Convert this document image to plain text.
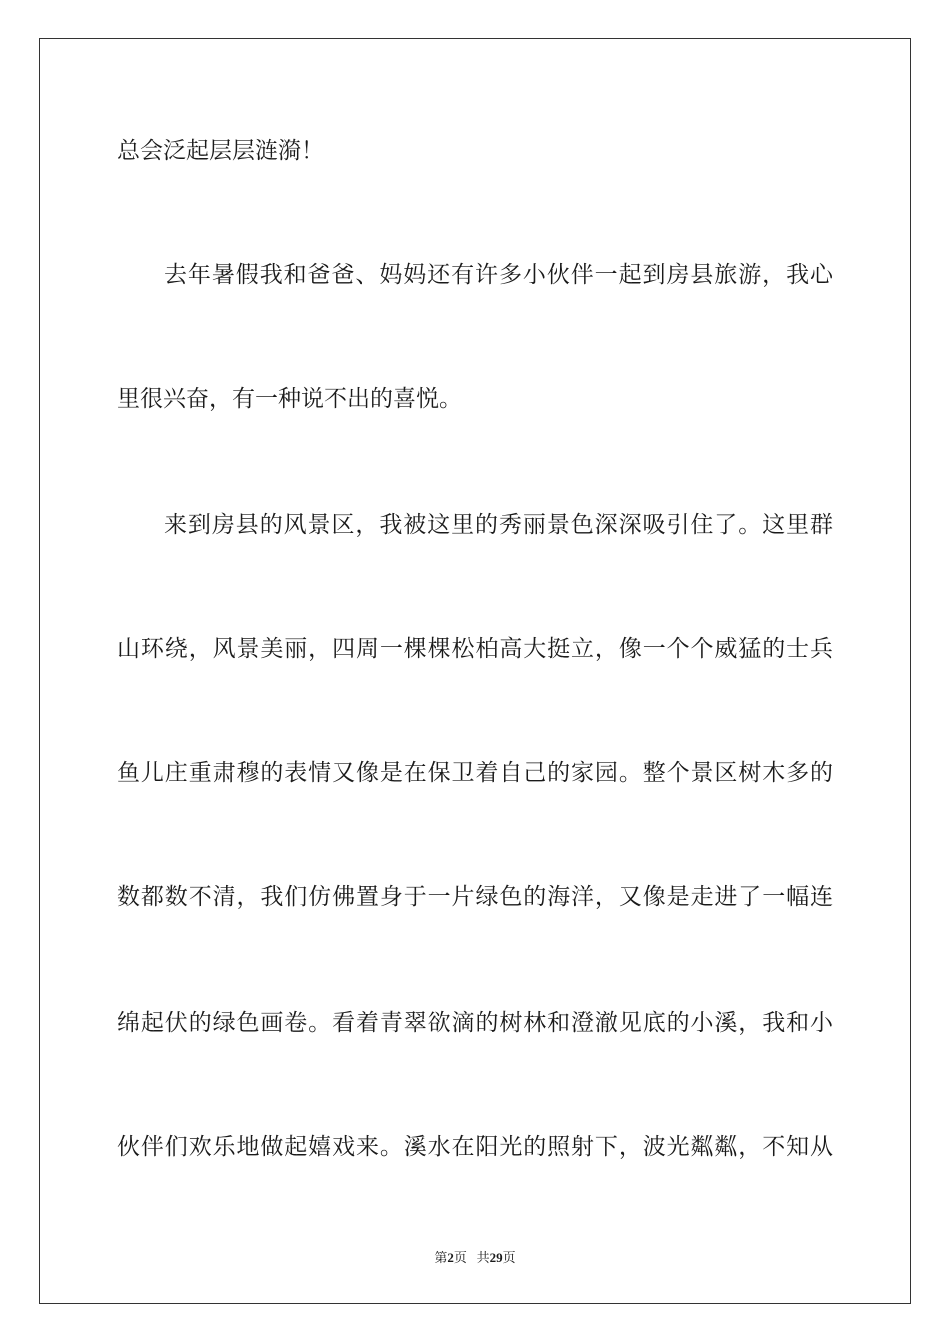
总会泛起层层涟漪！
去年暑假我和爸爸、妈妈还有许多小伙伴一起到房县旅游，我心
里很兴奋，有一种说不出的喜悦。
来到房县的风景区，我被这里的秀丽景色深深吸引住了。这里群
山环绕，风景美丽，四周一棵棵松柏高大挺立，像一个个威猛的士兵
鱼儿庄重肃穆的表情又像是在保卫着自己的家园。整个景区树木多的
数都数不清，我们仿佛置身于一片绿色的海洋，又像是走进了一幅连
绵起伏的绿色画卷。看着青翠欲滴的树林和澄澈见底的小溪，我和小
伙伴们欢乐地做起嬉戏来。溪水在阳光的照射下，波光粼粼，不知从
第2页 共29页
